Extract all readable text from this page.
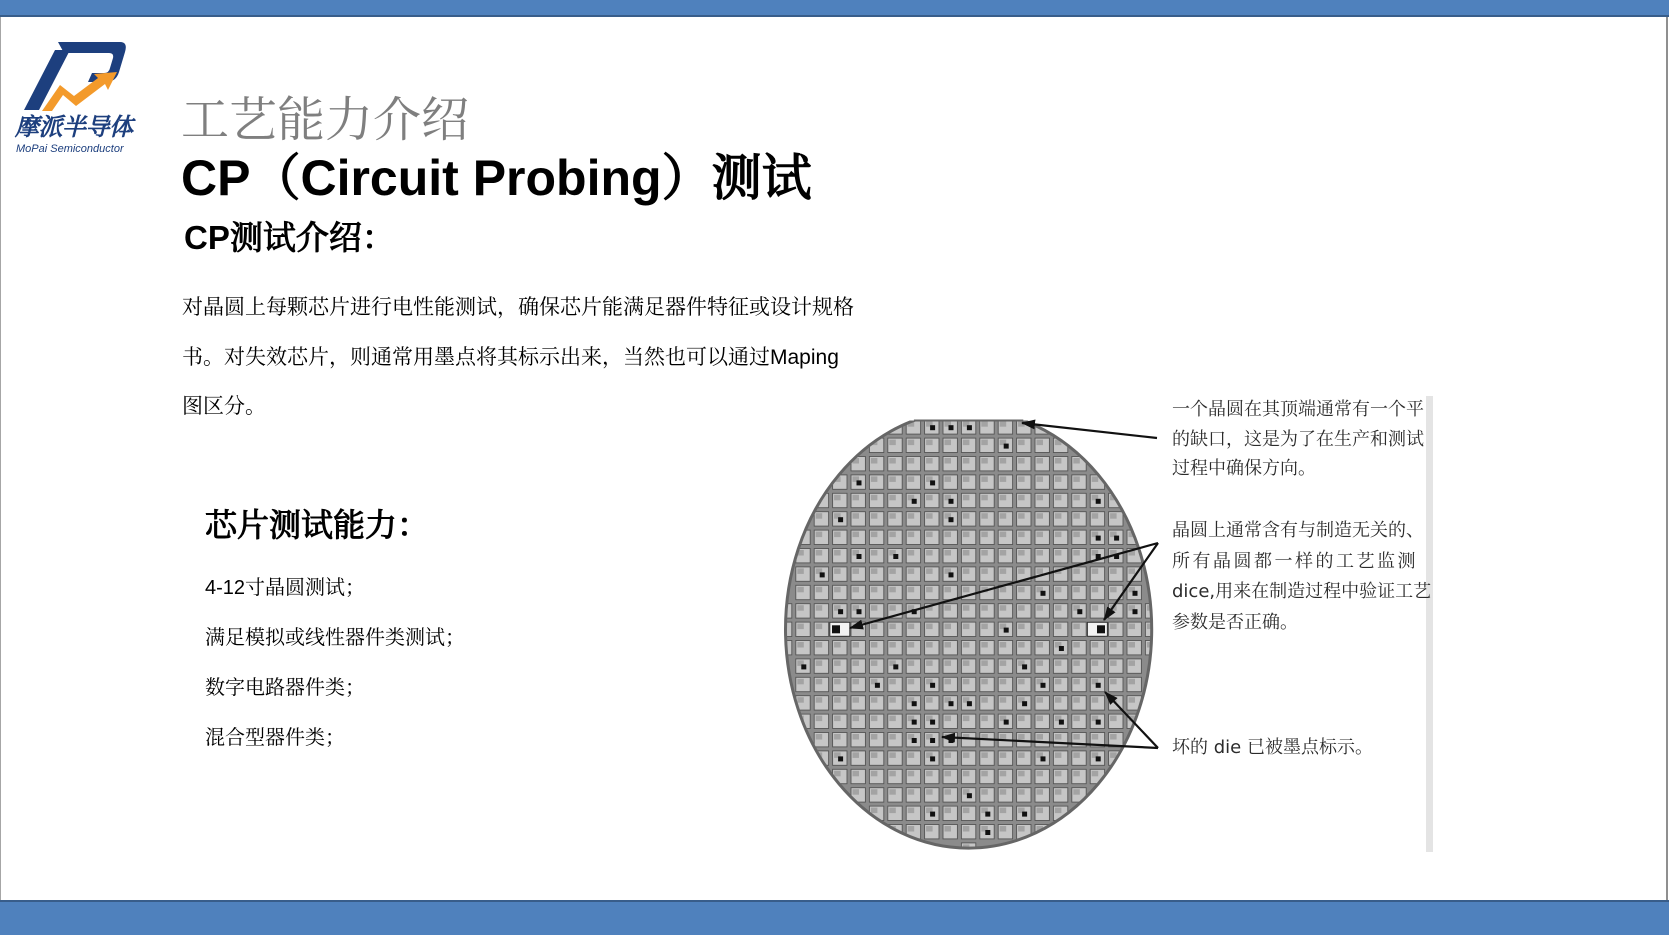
摩派半导体
MoPai Semiconductor
工艺能力介绍
CP（Circuit Probing）测试
CP测试介绍：
对晶圆上每颗芯片进行电性能测试，确保芯片能满足器件特征或设计规格
书。对失效芯片，则通常用墨点将其标示出来，当然也可以通过Maping
图区分。
芯片测试能力：
4-12寸晶圆测试；
满足模拟或线性器件类测试；
数字电路器件类；
混合型器件类；
一个晶圆在其顶端通常有一个平
的缺口，这是为了在生产和测试
过程中确保方向。
晶圆上通常含有与制造无关的、
所有晶圆都一样的工艺监测
dice,用来在制造过程中验证工艺
参数是否正确。
坏的 die 已被墨点标示。
